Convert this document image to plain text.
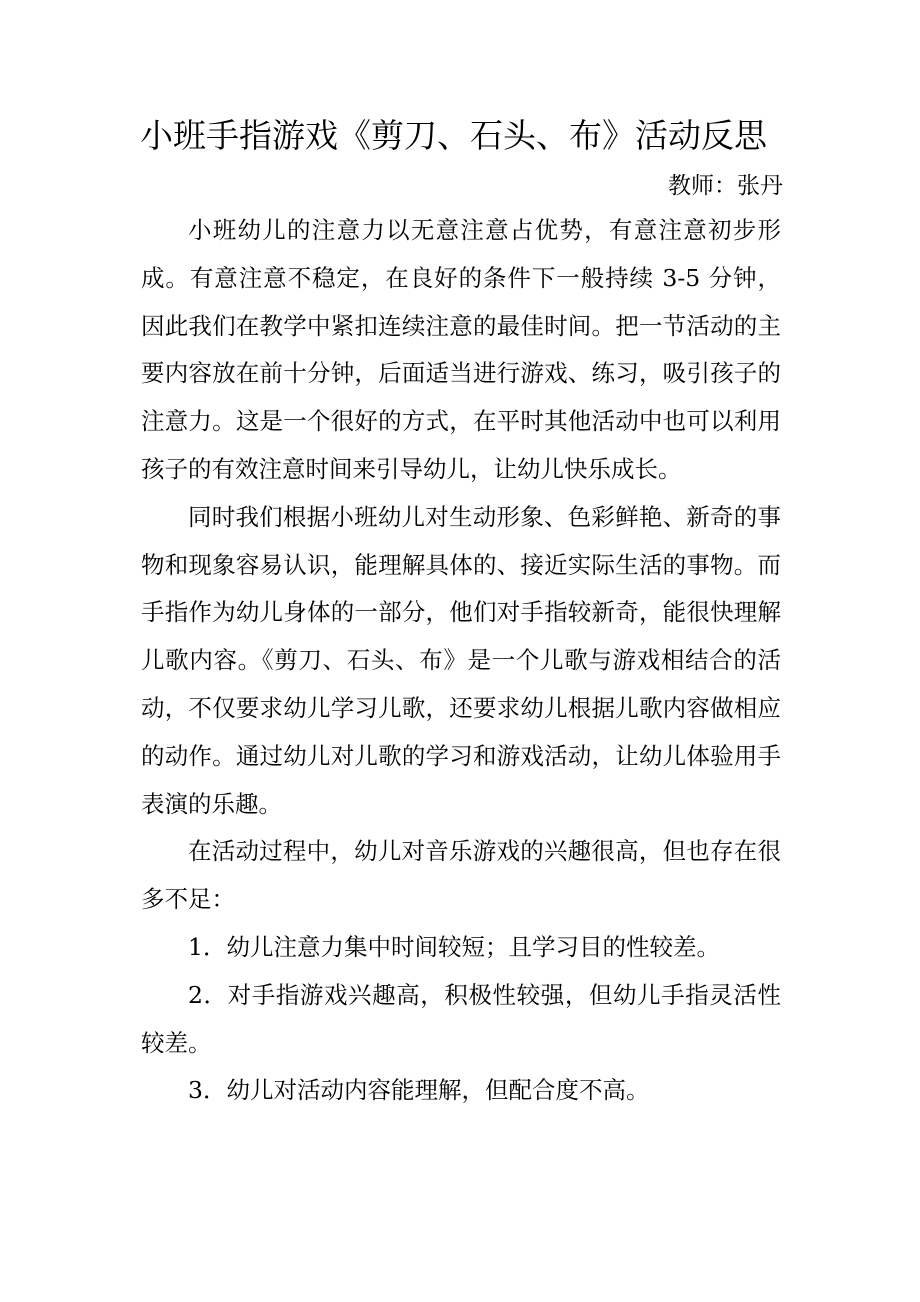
小班手指游戏《剪刀、石头、布》活动反思
教师：张丹

小班幼儿的注意力以无意注意占优势，有意注意初步形成。有意注意不稳定，在良好的条件下一般持续 3-5 分钟，因此我们在教学中紧扣连续注意的最佳时间。把一节活动的主要内容放在前十分钟，后面适当进行游戏、练习，吸引孩子的注意力。这是一个很好的方式，在平时其他活动中也可以利用孩子的有效注意时间来引导幼儿，让幼儿快乐成长。

同时我们根据小班幼儿对生动形象、色彩鲜艳、新奇的事物和现象容易认识，能理解具体的、接近实际生活的事物。而手指作为幼儿身体的一部分，他们对手指较新奇，能很快理解儿歌内容。《剪刀、石头、布》是一个儿歌与游戏相结合的活动，不仅要求幼儿学习儿歌，还要求幼儿根据儿歌内容做相应的动作。通过幼儿对儿歌的学习和游戏活动，让幼儿体验用手表演的乐趣。

在活动过程中，幼儿对音乐游戏的兴趣很高，但也存在很多不足：

1．幼儿注意力集中时间较短；且学习目的性较差。

2．对手指游戏兴趣高，积极性较强，但幼儿手指灵活性较差。

3．幼儿对活动内容能理解，但配合度不高。
